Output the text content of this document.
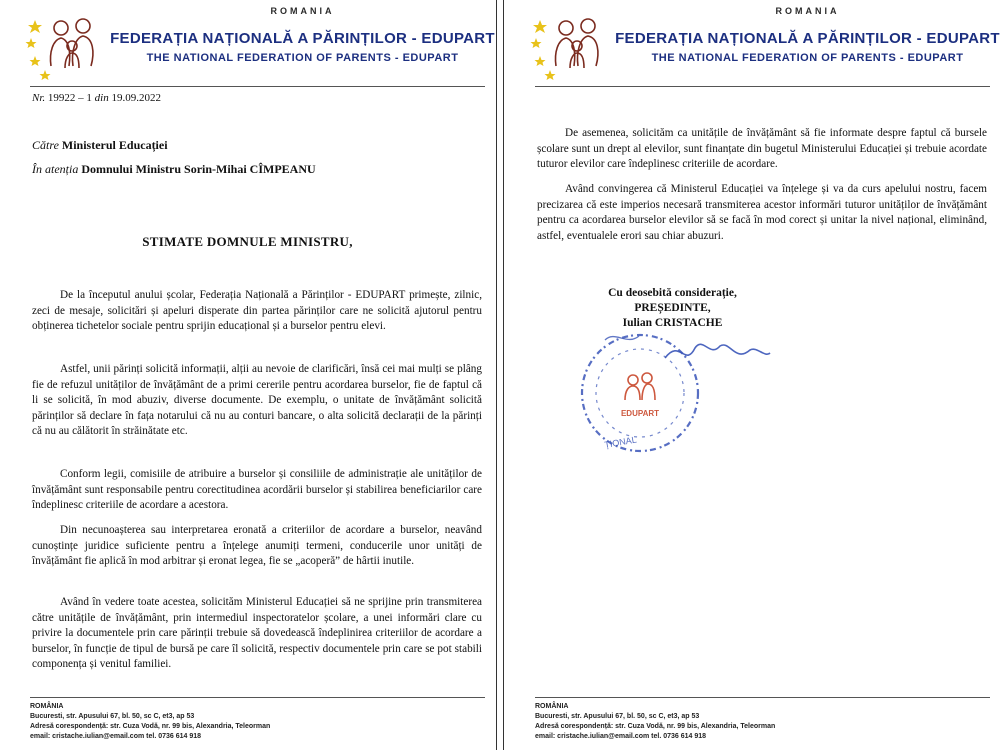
ROMANIA
FEDERAȚIA NAȚIONALĂ A PĂRINȚILOR - EDUPART
THE NATIONAL FEDERATION OF PARENTS - EDUPART
Nr. 19922 – 1 din 19.09.2022
Către Ministerul Educației
În atenția Domnului Ministru Sorin-Mihai CÎMPEANU
STIMATE DOMNULE MINISTRU,

De la începutul anului școlar, Federația Națională a Părinților - EDUPART primește, zilnic, zeci de mesaje, solicitări și apeluri disperate din partea părinților care ne solicită ajutorul pentru obținerea tichetelor sociale pentru sprijin educațional și a burselor pentru elevi.

Astfel, unii părinți solicită informații, alții au nevoie de clarificări, însă cei mai mulți se plâng fie de refuzul unităților de învățământ de a primi cererile pentru acordarea burselor, fie de faptul că li se solicită, în mod abuziv, diverse documente. De exemplu, o unitate de învățământ solicită părinților să declare în fața notarului că nu au conturi bancare, o alta solicită declarații de la părinți că nu au călătorit în străinătate etc.

Conform legii, comisiile de atribuire a burselor și consiliile de administrație ale unităților de învățământ sunt responsabile pentru corectitudinea acordării burselor și stabilirea beneficiarilor care îndeplinesc criteriile de acordare a acestora.

Din necunoașterea sau interpretarea eronată a criteriilor de acordare a burselor, neavând cunoștințe juridice suficiente pentru a înțelege anumiți termeni, conducerile unor unități de învățământ fie aplică în mod arbitrar și eronat legea, fie se „acoperă” de hârtii inutile.

Având în vedere toate acestea, solicităm Ministerul Educației să ne sprijine prin transmiterea către unitățile de învățământ, prin intermediul inspectoratelor școlare, a unei informări clare cu privire la documentele prin care părinții trebuie să dovedească îndeplinirea criteriilor de acordare a burselor, în funcție de tipul de bursă pe care îl solicită, respectiv documentele prin care se pot stabili componența și venitul familiei.

ROMÂNIA
Bucuresti, str. Apusului 67, bl. 50, sc C, et3, ap 53
Adresă corespondență: str. Cuza Vodă, nr. 99 bis, Alexandria, Teleorman
email: cristache.iulian@email.com tel. 0736 614 918
ROMANIA
FEDERAȚIA NAȚIONALĂ A PĂRINȚILOR - EDUPART
THE NATIONAL FEDERATION OF PARENTS - EDUPART

De asemenea, solicităm ca unitățile de învățământ să fie informate despre faptul că bursele școlare sunt un drept al elevilor, sunt finanțate din bugetul Ministerului Educației și trebuie acordate tuturor elevilor care îndeplinesc criteriile de acordare.

Având convingerea că Ministerul Educației va înțelege și va da curs apelului nostru, facem precizarea că este imperios necesară transmiterea acestor informări tuturor unităților de învățământ pentru ca acordarea burselor elevilor să se facă în mod corect și unitar la nivel național, eliminând, astfel, eventualele erori sau chiar abuzuri.

Cu deosebită considerație,
PREȘEDINTE,
Iulian CRISTACHE
EDUPART
ȚIONAL
ROMÂNIA
Bucuresti, str. Apusului 67, bl. 50, sc C, et3, ap 53
Adresă corespondență: str. Cuza Vodă, nr. 99 bis, Alexandria, Teleorman
email: cristache.iulian@email.com tel. 0736 614 918
